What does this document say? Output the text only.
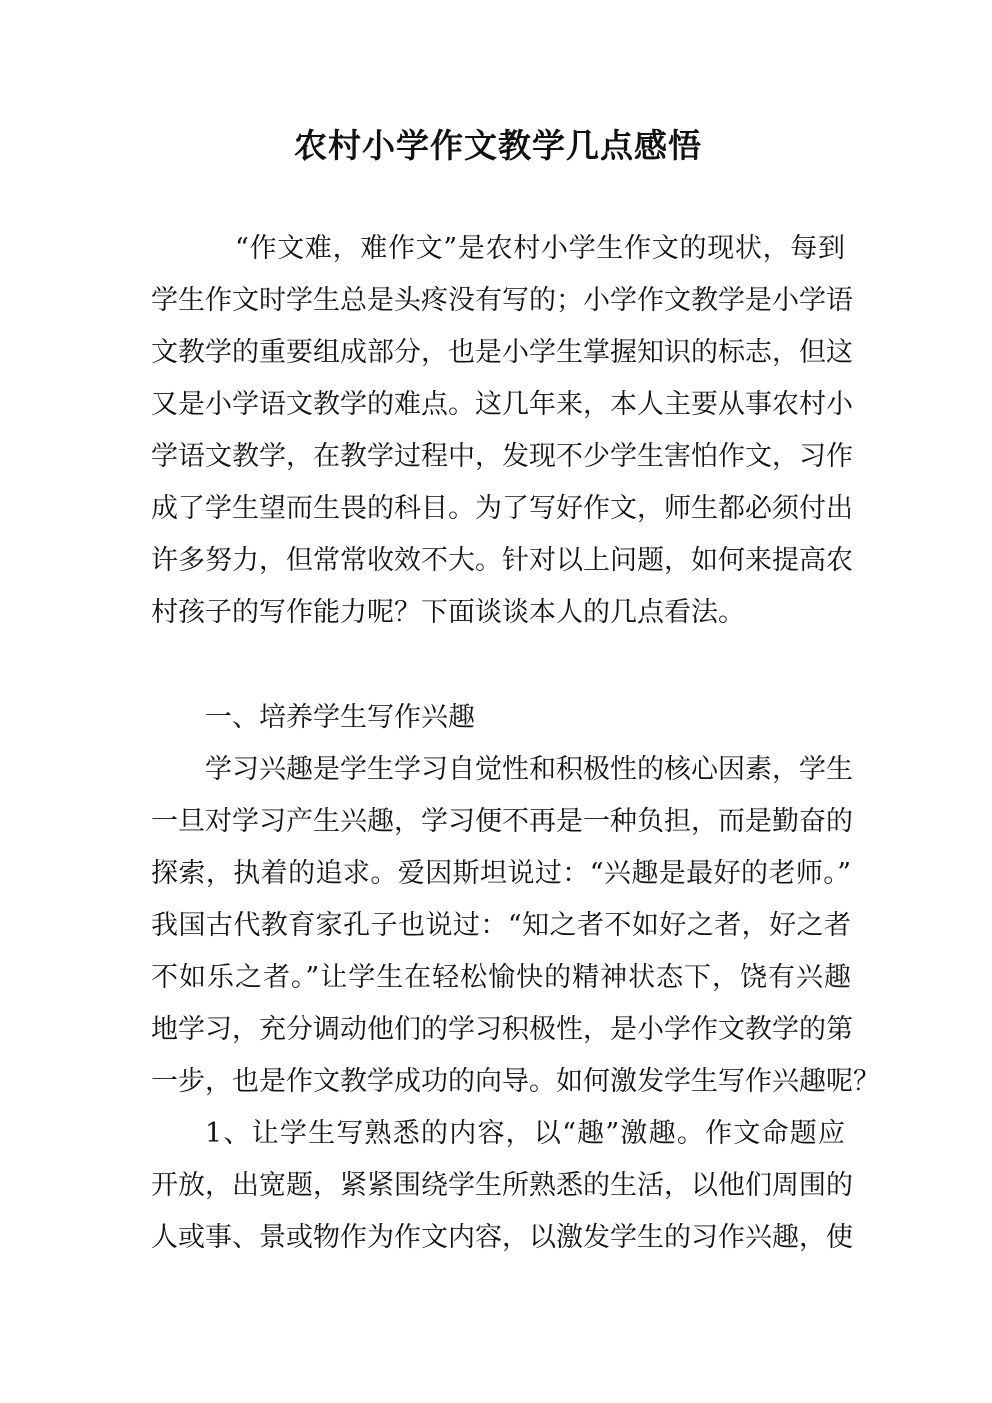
农村小学作文教学几点感悟
“作文难，难作文”是农村小学生作文的现状，每到
学生作文时学生总是头疼没有写的；小学作文教学是小学语
文教学的重要组成部分，也是小学生掌握知识的标志，但这
又是小学语文教学的难点。这几年来，本人主要从事农村小
学语文教学，在教学过程中，发现不少学生害怕作文，习作
成了学生望而生畏的科目。为了写好作文，师生都必须付出
许多努力，但常常收效不大。针对以上问题，如何来提高农
村孩子的写作能力呢？下面谈谈本人的几点看法。
一、培养学生写作兴趣
学习兴趣是学生学习自觉性和积极性的核心因素，学生
一旦对学习产生兴趣，学习便不再是一种负担，而是勤奋的
探索，执着的追求。爱因斯坦说过：“兴趣是最好的老师。”
我国古代教育家孔子也说过：“知之者不如好之者，好之者
不如乐之者。”让学生在轻松愉快的精神状态下，饶有兴趣
地学习，充分调动他们的学习积极性，是小学作文教学的第
一步，也是作文教学成功的向导。如何激发学生写作兴趣呢？
1、让学生写熟悉的内容，以“趣”激趣。作文命题应
开放，出宽题，紧紧围绕学生所熟悉的生活，以他们周围的
人或事、景或物作为作文内容，以激发学生的习作兴趣，使
